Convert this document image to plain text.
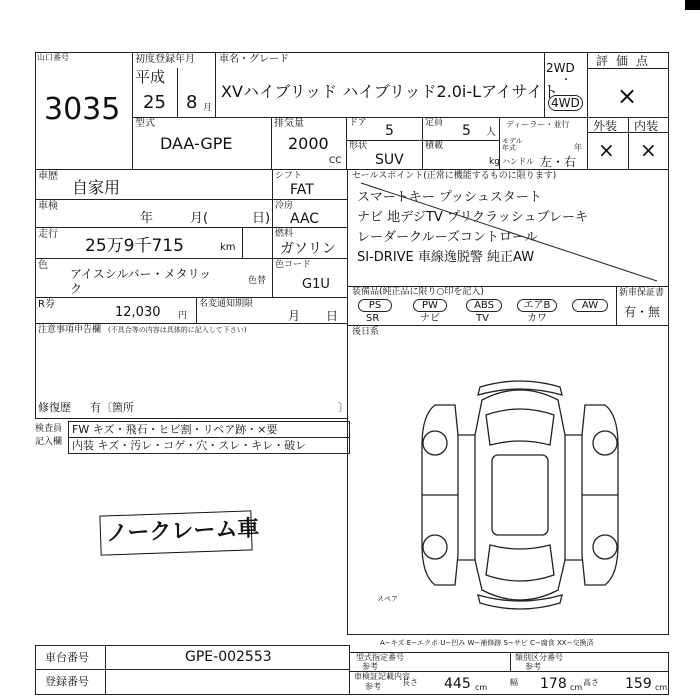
山口番号
3035
初度登録年月
平成
25 8 月
車名・グレード
XVハイブリッド ハイブリッド2.0i-Lアイサイト
2WD
・
4WD
評価点
×
型式
DAA-GPE
排気量
2000
CC
ドア 5	定員 5 人
形状
SUV
積載
kg
ディーラー・並行
モデル年式	年
ハンドル 左・右
外装 内装
× ×
車歴
自家用
シフト
FAT
車検
年	月(	日)
冷房
AAC
走行
25万9千715	km
燃料
ガソリン
色
アイスシルバー・メタリッ
ク
色替
色コード
G1U
R券
12,030 円
名変通知期限
月 日
注意事項申告欄 (不具合等の内容は具体的に記入して下さい)
修復歴 有〔箇所	〕
検査員
記入欄
FW キズ・飛石・ヒビ割・リペア跡・×要
内装 キズ・汚レ・コゲ・穴・スレ・キレ・破レ
ノークレーム車
セールスポイント(正常に機能するものに限ります)
スマートキー プッシュスタート
ナビ 地デジTV プリクラッシュブレーキ
レーダークルーズコントロール
SI-DRIVE 車線逸脱警 純正AW
装備品(純正品に限り○印を記入)
PS	PW	ABS	エアB	AW
SR	ナビ	TV	カワ
新車保証書
有・無
後日系
スペア
A−キズ E−エクボ U−凹み W−補修跡 S−サビ C−腐食 XX−交換済
車台番号	GPE-002553
登録番号
型式指定番号
参考
類別区分番号
参考
車検証記載内容
参考	長さ 445 cm
幅 178 cm
高さ 159 cm
